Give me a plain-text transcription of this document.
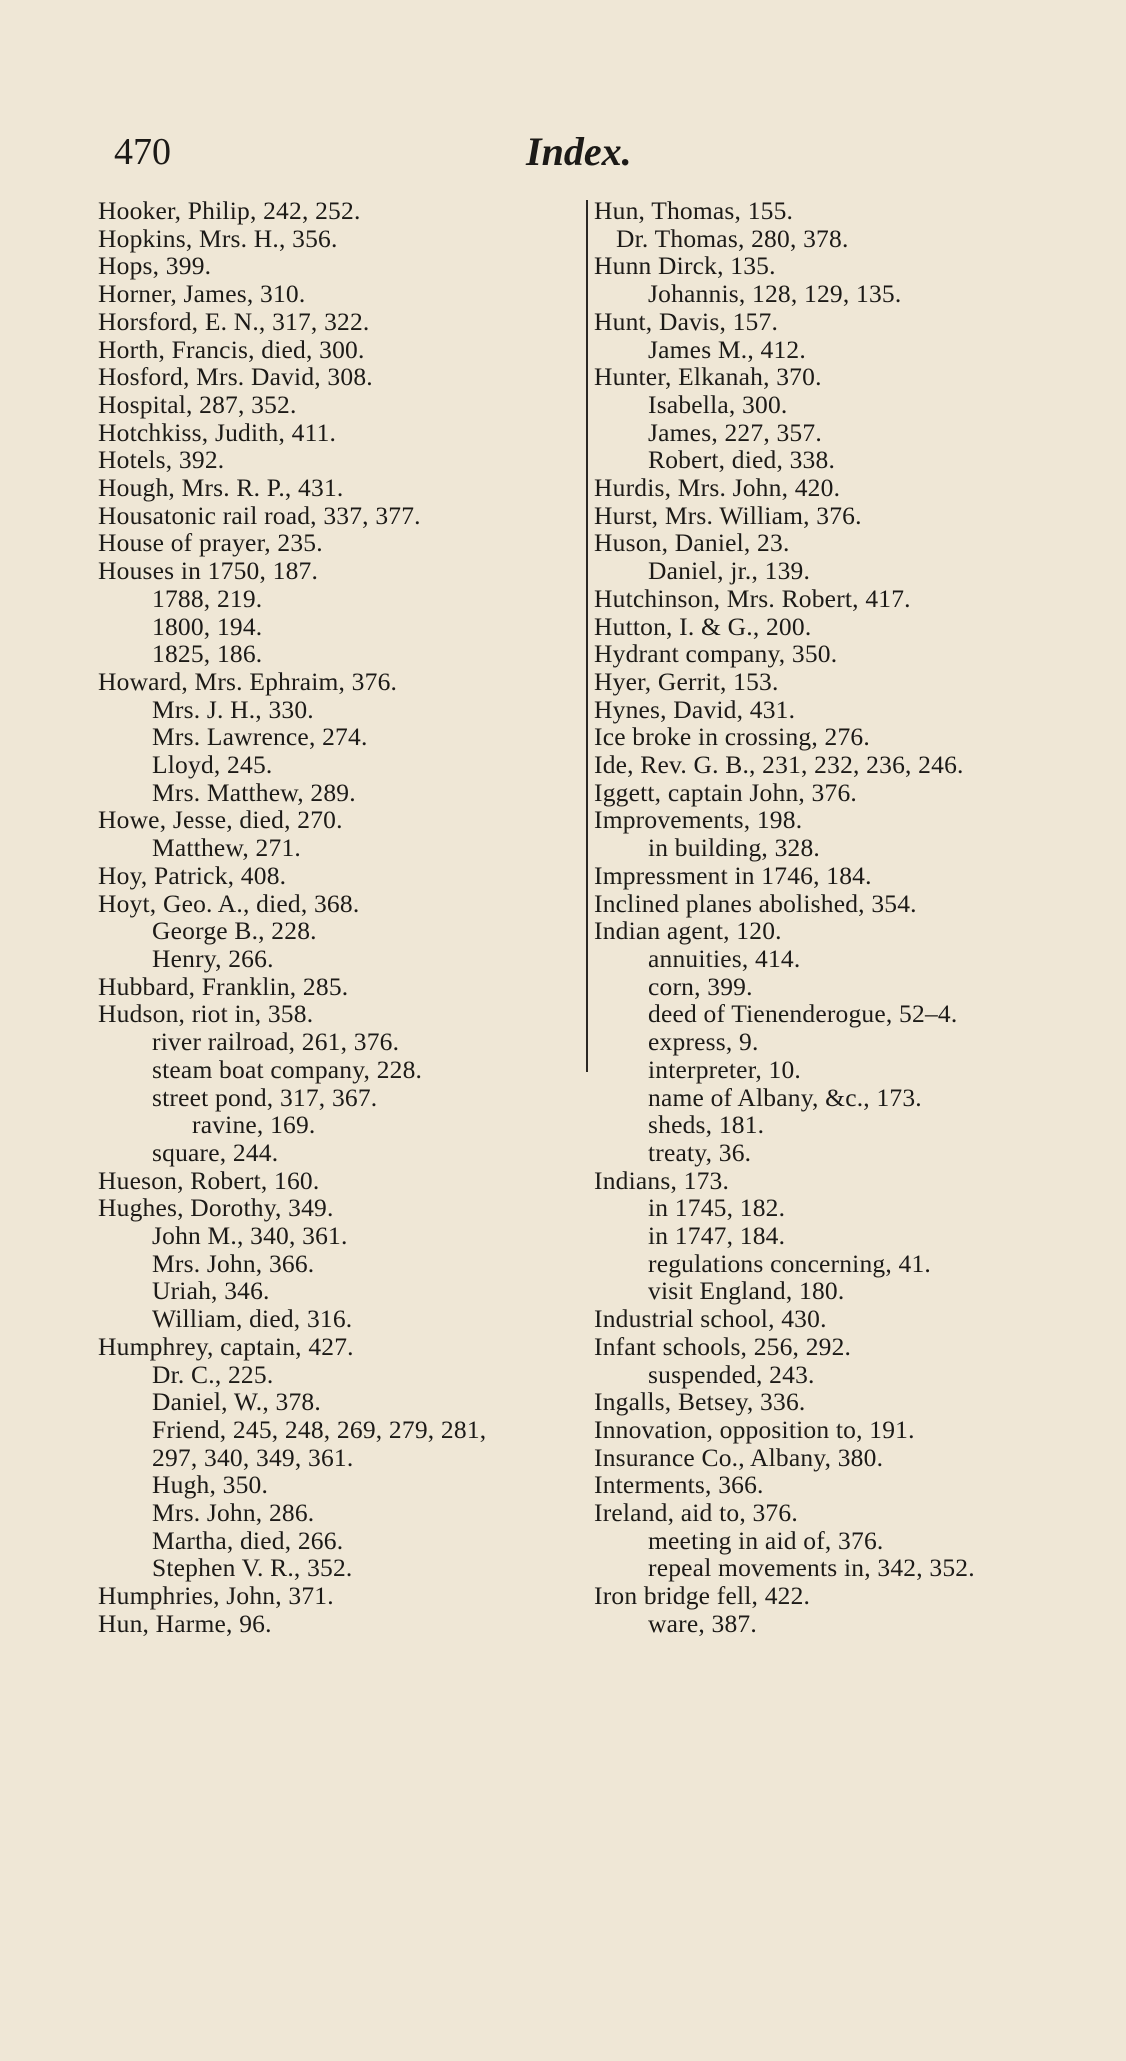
470	Index.
Hooker, Philip, 242, 252.
Hopkins, Mrs. H., 356.
Hops, 399.
Horner, James, 310.
Horsford, E. N., 317, 322.
Horth, Francis, died, 300.
Hosford, Mrs. David, 308.
Hospital, 287, 352.
Hotchkiss, Judith, 411.
Hotels, 392.
Hough, Mrs. R. P., 431.
Housatonic rail road, 337, 377.
House of prayer, 235.
Houses in 1750, 187.
1788, 219.
1800, 194.
1825, 186.
Howard, Mrs. Ephraim, 376.
Mrs. J. H., 330.
Mrs. Lawrence, 274.
Lloyd, 245.
Mrs. Matthew, 289.
Howe, Jesse, died, 270.
Matthew, 271.
Hoy, Patrick, 408.
Hoyt, Geo. A., died, 368.
George B., 228.
Henry, 266.
Hubbard, Franklin, 285.
Hudson, riot in, 358.
river railroad, 261, 376.
steam boat company, 228.
street pond, 317, 367.
ravine, 169.
square, 244.
Hueson, Robert, 160.
Hughes, Dorothy, 349.
John M., 340, 361.
Mrs. John, 366.
Uriah, 346.
William, died, 316.
Humphrey, captain, 427.
Dr. C., 225.
Daniel, W., 378.
Friend, 245, 248, 269, 279, 281,
297, 340, 349, 361.
Hugh, 350.
Mrs. John, 286.
Martha, died, 266.
Stephen V. R., 352.
Humphries, John, 371.
Hun, Harme, 96.
Hun, Thomas, 155.
Dr. Thomas, 280, 378.
Hunn Dirck, 135.
Johannis, 128, 129, 135.
Hunt, Davis, 157.
James M., 412.
Hunter, Elkanah, 370.
Isabella, 300.
James, 227, 357.
Robert, died, 338.
Hurdis, Mrs. John, 420.
Hurst, Mrs. William, 376.
Huson, Daniel, 23.
Daniel, jr., 139.
Hutchinson, Mrs. Robert, 417.
Hutton, I. & G., 200.
Hydrant company, 350.
Hyer, Gerrit, 153.
Hynes, David, 431.
Ice broke in crossing, 276.
Ide, Rev. G. B., 231, 232, 236, 246.
Iggett, captain John, 376.
Improvements, 198.
in building, 328.
Impressment in 1746, 184.
Inclined planes abolished, 354.
Indian agent, 120.
annuities, 414.
corn, 399.
deed of Tienenderogue, 52–4.
express, 9.
interpreter, 10.
name of Albany, &c., 173.
sheds, 181.
treaty, 36.
Indians, 173.
in 1745, 182.
in 1747, 184.
regulations concerning, 41.
visit England, 180.
Industrial school, 430.
Infant schools, 256, 292.
suspended, 243.
Ingalls, Betsey, 336.
Innovation, opposition to, 191.
Insurance Co., Albany, 380.
Interments, 366.
Ireland, aid to, 376.
meeting in aid of, 376.
repeal movements in, 342, 352.
Iron bridge fell, 422.
ware, 387.
